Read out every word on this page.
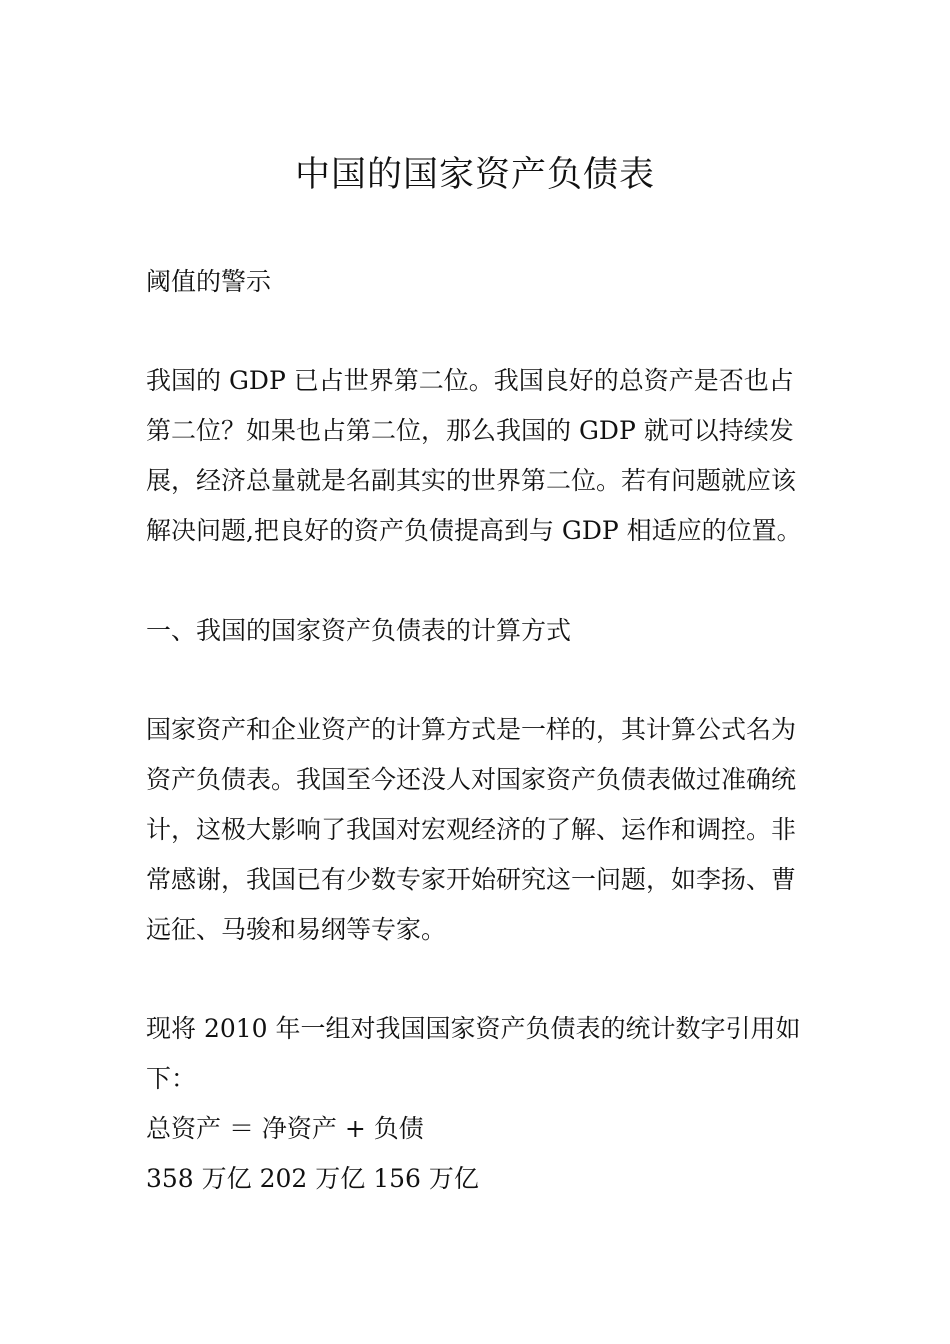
中国的国家资产负债表
阈值的警示
我国的 GDP 已占世界第二位。我国良好的总资产是否也占
第二位？如果也占第二位，那么我国的 GDP 就可以持续发
展，经济总量就是名副其实的世界第二位。若有问题就应该
解决问题,把良好的资产负债提高到与 GDP 相适应的位置。
一、我国的国家资产负债表的计算方式
国家资产和企业资产的计算方式是一样的，其计算公式名为
资产负债表。我国至今还没人对国家资产负债表做过准确统
计，这极大影响了我国对宏观经济的了解、运作和调控。非
常感谢，我国已有少数专家开始研究这一问题，如李扬、曹
远征、马骏和易纲等专家。
现将 2010 年一组对我国国家资产负债表的统计数字引用如
下：
总资产 ＝ 净资产 + 负债
358 万亿 202 万亿 156 万亿
